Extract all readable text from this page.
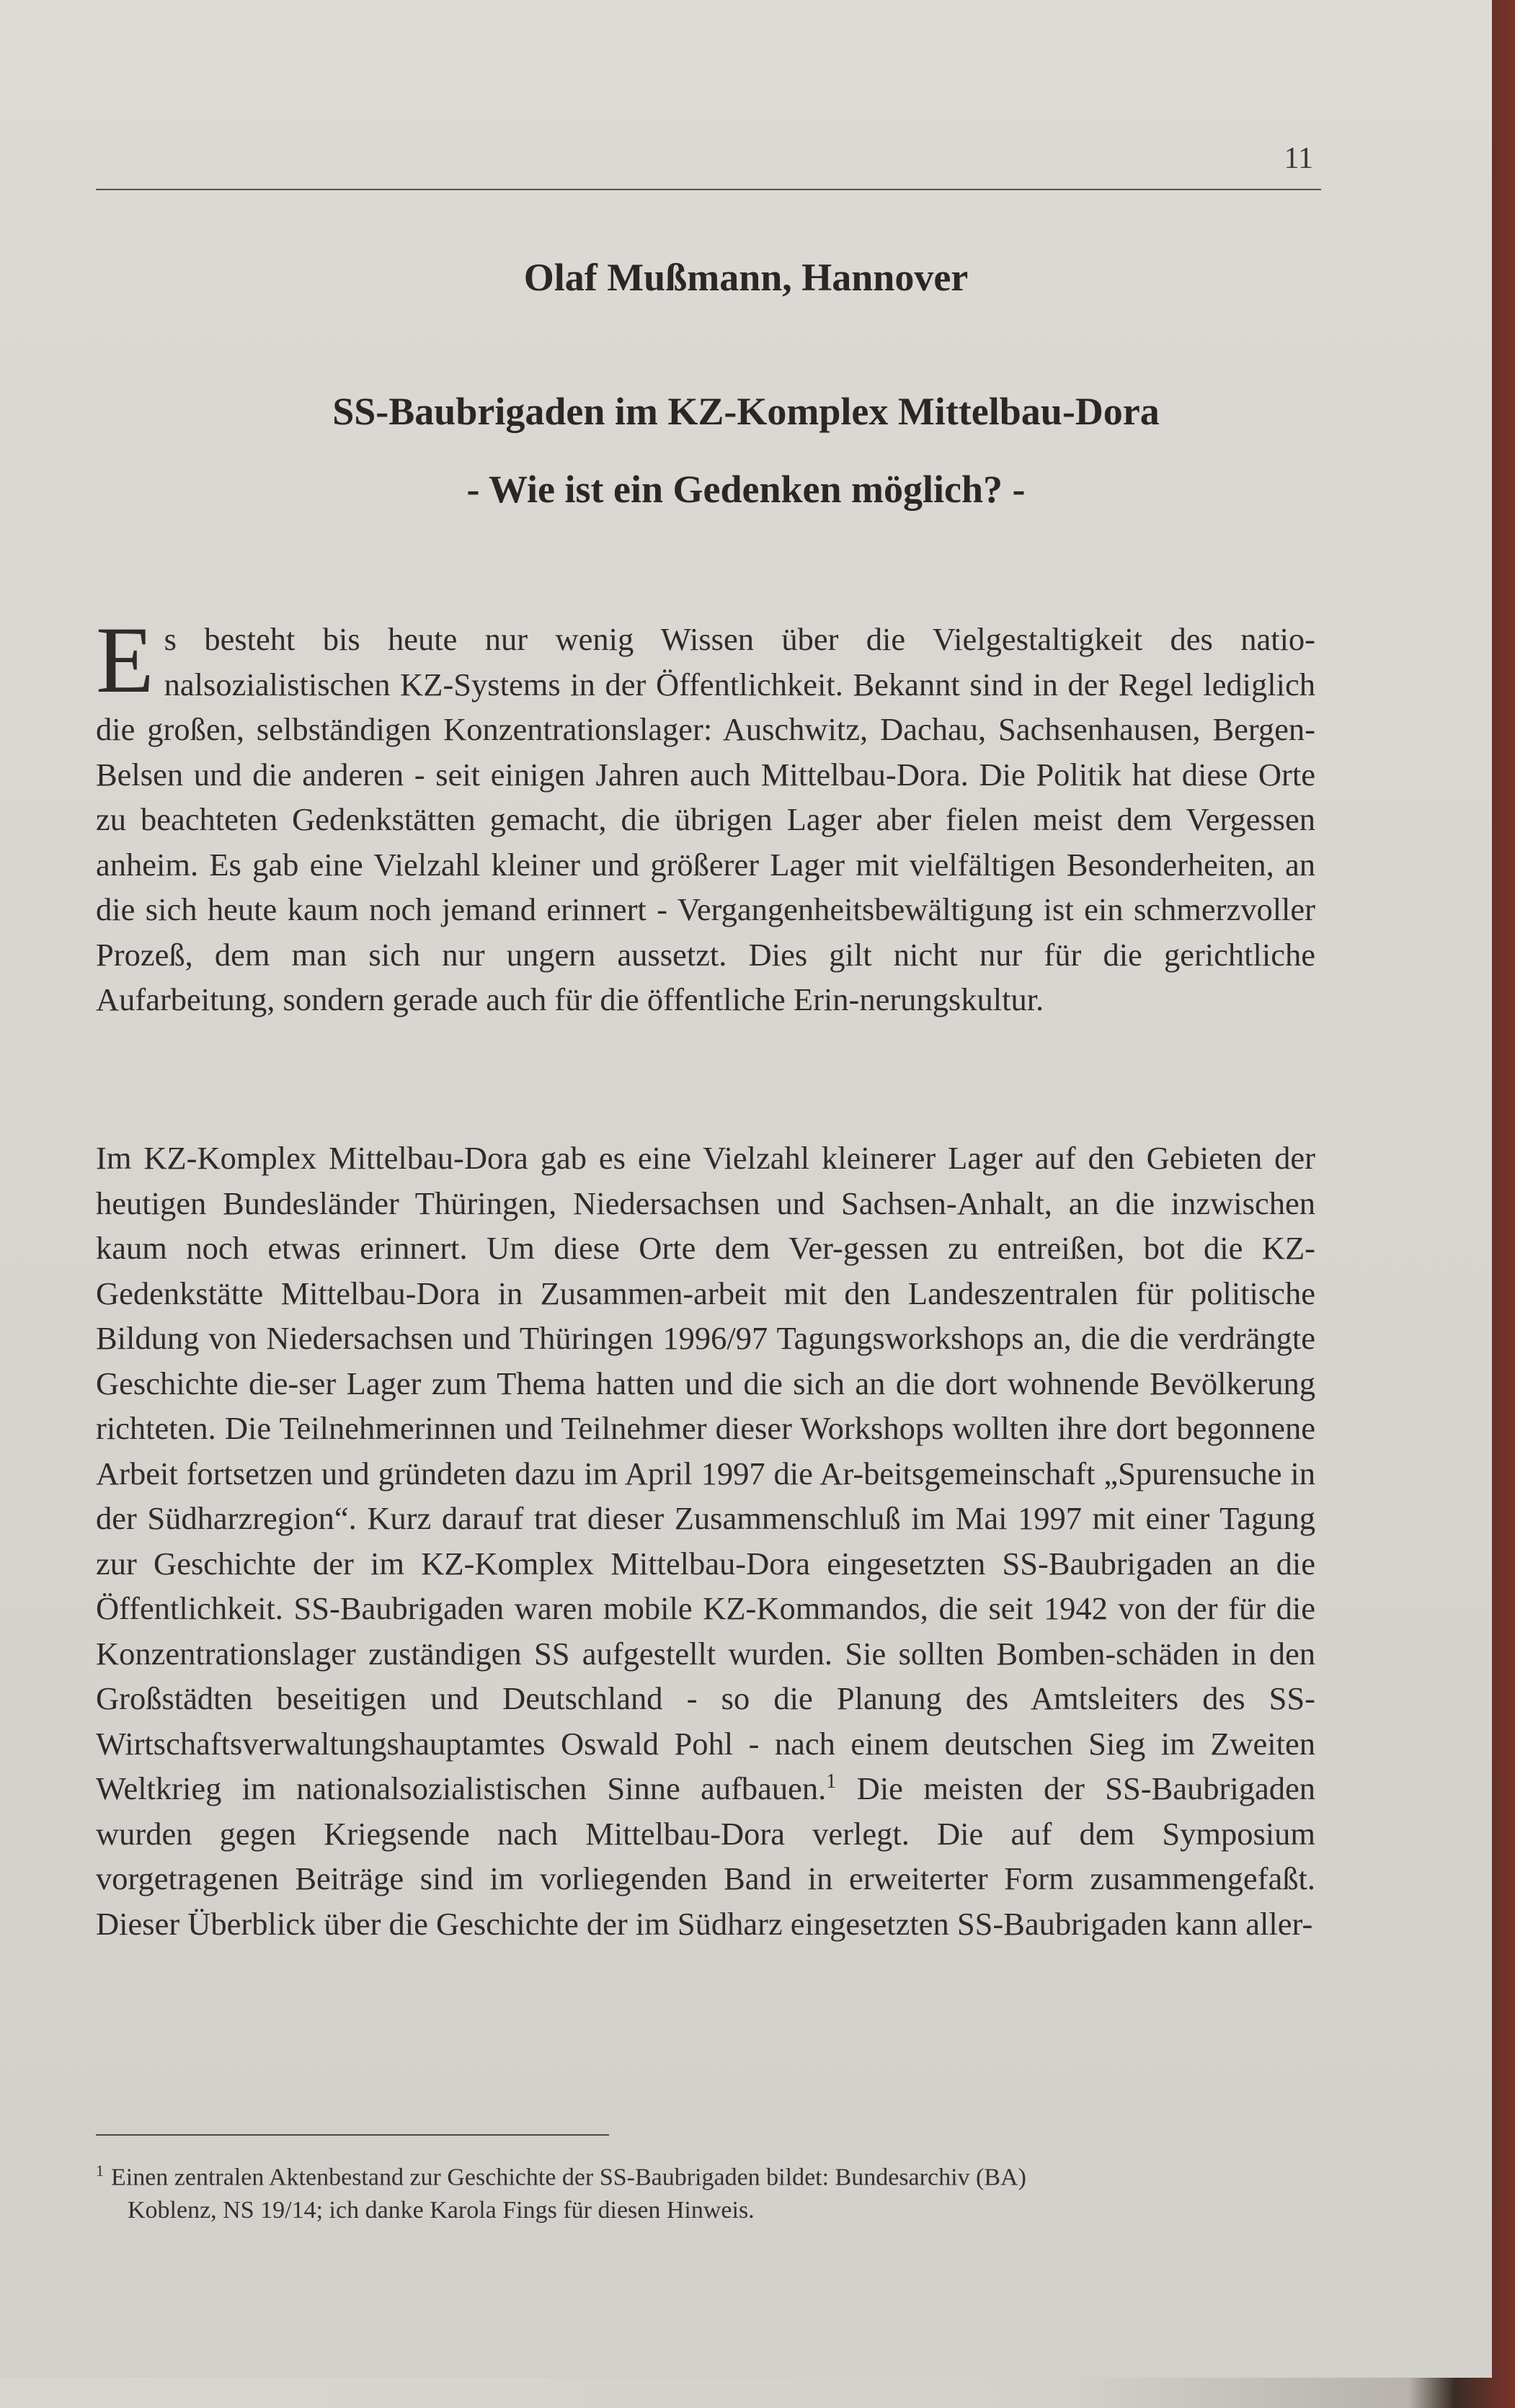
11
Olaf Mußmann, Hannover
SS-Baubrigaden im KZ-Komplex Mittelbau-Dora
- Wie ist ein Gedenken möglich? -
E s besteht bis heute nur wenig Wissen über die Vielgestaltigkeit des natio-nalsozialistischen KZ-Systems in der Öffentlichkeit. Bekannt sind in der Regel lediglich die großen, selbständigen Konzentrationslager: Auschwitz, Dachau, Sachsenhausen, Bergen-Belsen und die anderen - seit einigen Jahren auch Mittelbau-Dora. Die Politik hat diese Orte zu beachteten Gedenkstätten gemacht, die übrigen Lager aber fielen meist dem Vergessen anheim. Es gab eine Vielzahl kleiner und größerer Lager mit vielfältigen Besonderheiten, an die sich heute kaum noch jemand erinnert - Vergangenheitsbewältigung ist ein schmerzvoller Prozeß, dem man sich nur ungern aussetzt. Dies gilt nicht nur für die gerichtliche Aufarbeitung, sondern gerade auch für die öffentliche Erin-nerungskultur.
Im KZ-Komplex Mittelbau-Dora gab es eine Vielzahl kleinerer Lager auf den Gebieten der heutigen Bundesländer Thüringen, Niedersachsen und Sachsen-Anhalt, an die inzwischen kaum noch etwas erinnert. Um diese Orte dem Ver-gessen zu entreißen, bot die KZ-Gedenkstätte Mittelbau-Dora in Zusammen-arbeit mit den Landeszentralen für politische Bildung von Niedersachsen und Thüringen 1996/97 Tagungsworkshops an, die die verdrängte Geschichte die-ser Lager zum Thema hatten und die sich an die dort wohnende Bevölkerung richteten. Die Teilnehmerinnen und Teilnehmer dieser Workshops wollten ihre dort begonnene Arbeit fortsetzen und gründeten dazu im April 1997 die Ar-beitsgemeinschaft „Spurensuche in der Südharzregion“. Kurz darauf trat dieser Zusammenschluß im Mai 1997 mit einer Tagung zur Geschichte der im KZ-Komplex Mittelbau-Dora eingesetzten SS-Baubrigaden an die Öffentlichkeit. SS-Baubrigaden waren mobile KZ-Kommandos, die seit 1942 von der für die Konzentrationslager zuständigen SS aufgestellt wurden. Sie sollten Bomben-schäden in den Großstädten beseitigen und Deutschland - so die Planung des Amtsleiters des SS-Wirtschaftsverwaltungshauptamtes Oswald Pohl - nach einem deutschen Sieg im Zweiten Weltkrieg im nationalsozialistischen Sinne aufbauen.$^1$ Die meisten der SS-Baubrigaden wurden gegen Kriegsende nach Mittelbau-Dora verlegt. Die auf dem Symposium vorgetragenen Beiträge sind im vorliegenden Band in erweiterter Form zusammengefaßt. Dieser Überblick über die Geschichte der im Südharz eingesetzten SS-Baubrigaden kann aller-
$^1$ Einen zentralen Aktenbestand zur Geschichte der SS-Baubrigaden bildet: Bundesarchiv (BA)
Koblenz, NS 19/14; ich danke Karola Fings für diesen Hinweis.
